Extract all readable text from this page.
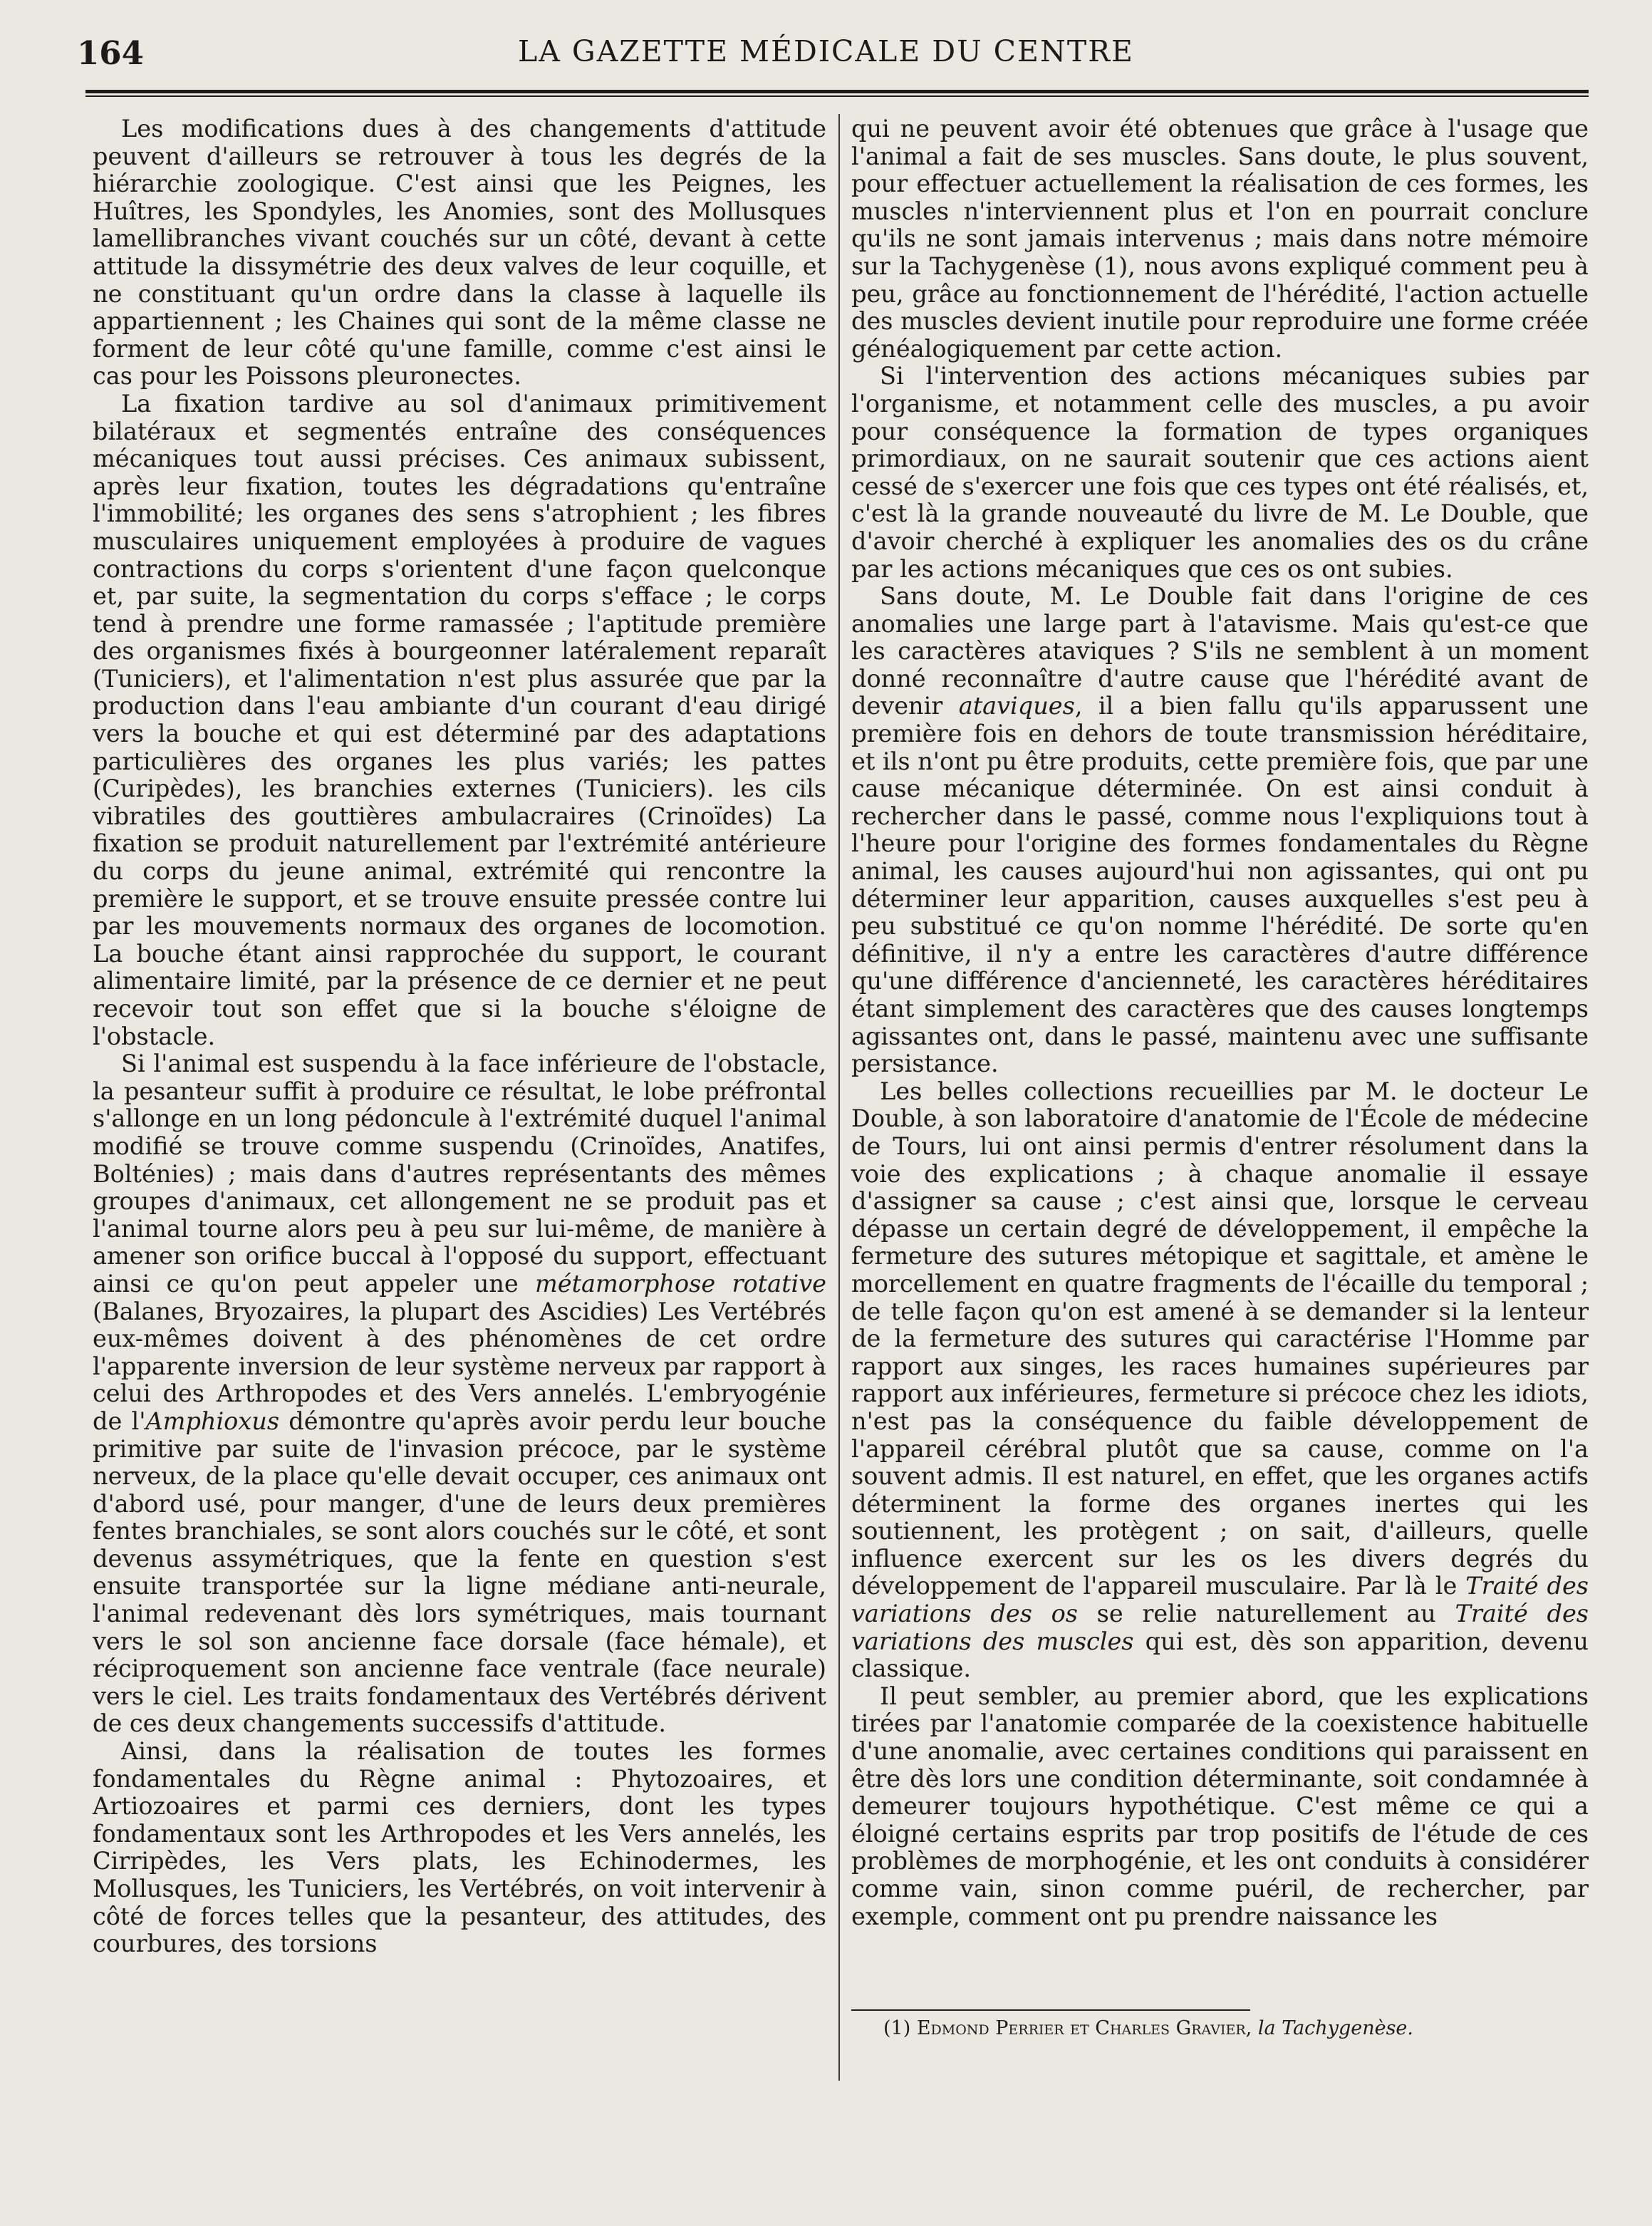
164	LA GAZETTE MÉDICALE DU CENTRE

Les modifications dues à des changements d'attitude peuvent d'ailleurs se retrouver à tous les degrés de la hiérarchie zoologique. C'est ainsi que les Peignes, les Huîtres, les Spondyles, les Anomies, sont des Mollusques lamellibranches vivant couchés sur un côté, devant à cette attitude la dissymétrie des deux valves de leur coquille, et ne constituant qu'un ordre dans la classe à laquelle ils appartiennent ; les Chaines qui sont de la même classe ne forment de leur côté qu'une famille, comme c'est ainsi le cas pour les Poissons pleuronectes.

La fixation tardive au sol d'animaux primitivement bilatéraux et segmentés entraîne des conséquences mécaniques tout aussi précises. Ces animaux subissent, après leur fixation, toutes les dégradations qu'entraîne l'immobilité; les organes des sens s'atrophient ; les fibres musculaires uniquement employées à produire de vagues contractions du corps s'orientent d'une façon quelconque et, par suite, la segmentation du corps s'efface ; le corps tend à prendre une forme ramassée ; l'aptitude première des organismes fixés à bourgeonner latéralement reparaît (Tuniciers), et l'alimentation n'est plus assurée que par la production dans l'eau ambiante d'un courant d'eau dirigé vers la bouche et qui est déterminé par des adaptations particulières des organes les plus variés; les pattes (Curipèdes), les branchies externes (Tuniciers). les cils vibratiles des gouttières ambulacraires (Crinoïdes) La fixation se produit naturellement par l'extrémité antérieure du corps du jeune animal, extrémité qui rencontre la première le support, et se trouve ensuite pressée contre lui par les mouvements normaux des organes de locomotion. La bouche étant ainsi rapprochée du support, le courant alimentaire limité, par la présence de ce dernier et ne peut recevoir tout son effet que si la bouche s'éloigne de l'obstacle.

Si l'animal est suspendu à la face inférieure de l'obstacle, la pesanteur suffit à produire ce résultat, le lobe préfrontal s'allonge en un long pédoncule à l'extrémité duquel l'animal modifié se trouve comme suspendu (Crinoïdes, Anatifes, Bolténies) ; mais dans d'autres représentants des mêmes groupes d'animaux, cet allongement ne se produit pas et l'animal tourne alors peu à peu sur lui-même, de manière à amener son orifice buccal à l'opposé du support, effectuant ainsi ce qu'on peut appeler une métamorphose rotative (Balanes, Bryozaires, la plupart des Ascidies) Les Vertébrés eux-mêmes doivent à des phénomènes de cet ordre l'apparente inversion de leur système nerveux par rapport à celui des Arthropodes et des Vers annelés. L'embryogénie de l'Amphioxus démontre qu'après avoir perdu leur bouche primitive par suite de l'invasion précoce, par le système nerveux, de la place qu'elle devait occuper, ces animaux ont d'abord usé, pour manger, d'une de leurs deux premières fentes branchiales, se sont alors couchés sur le côté, et sont devenus assymétriques, que la fente en question s'est ensuite transportée sur la ligne médiane anti-neurale, l'animal redevenant dès lors symétriques, mais tournant vers le sol son ancienne face dorsale (face hémale), et réciproquement son ancienne face ventrale (face neurale) vers le ciel. Les traits fondamentaux des Vertébrés dérivent de ces deux changements successifs d'attitude.

Ainsi, dans la réalisation de toutes les formes fondamentales du Règne animal : Phytozoaires, et Artiozoaires et parmi ces derniers, dont les types fondamentaux sont les Arthropodes et les Vers annelés, les Cirripèdes, les Vers plats, les Echinodermes, les Mollusques, les Tuniciers, les Vertébrés, on voit intervenir à côté de forces telles que la pesanteur, des attitudes, des courbures, des torsions

qui ne peuvent avoir été obtenues que grâce à l'usage que l'animal a fait de ses muscles. Sans doute, le plus souvent, pour effectuer actuellement la réalisation de ces formes, les muscles n'interviennent plus et l'on en pourrait conclure qu'ils ne sont jamais intervenus ; mais dans notre mémoire sur la Tachygenèse (1), nous avons expliqué comment peu à peu, grâce au fonctionnement de l'hérédité, l'action actuelle des muscles devient inutile pour reproduire une forme créée généalogiquement par cette action.

Si l'intervention des actions mécaniques subies par l'organisme, et notamment celle des muscles, a pu avoir pour conséquence la formation de types organiques primordiaux, on ne saurait soutenir que ces actions aient cessé de s'exercer une fois que ces types ont été réalisés, et, c'est là la grande nouveauté du livre de M. Le Double, que d'avoir cherché à expliquer les anomalies des os du crâne par les actions mécaniques que ces os ont subies.

Sans doute, M. Le Double fait dans l'origine de ces anomalies une large part à l'atavisme. Mais qu'est-ce que les caractères ataviques ? S'ils ne semblent à un moment donné reconnaître d'autre cause que l'hérédité avant de devenir ataviques, il a bien fallu qu'ils apparussent une première fois en dehors de toute transmission héréditaire, et ils n'ont pu être produits, cette première fois, que par une cause mécanique déterminée. On est ainsi conduit à rechercher dans le passé, comme nous l'expliquions tout à l'heure pour l'origine des formes fondamentales du Règne animal, les causes aujourd'hui non agissantes, qui ont pu déterminer leur apparition, causes auxquelles s'est peu à peu substitué ce qu'on nomme l'hérédité. De sorte qu'en définitive, il n'y a entre les caractères d'autre différence qu'une différence d'ancienneté, les caractères héréditaires étant simplement des caractères que des causes longtemps agissantes ont, dans le passé, maintenu avec une suffisante persistance.

Les belles collections recueillies par M. le docteur Le Double, à son laboratoire d'anatomie de l'École de médecine de Tours, lui ont ainsi permis d'entrer résolument dans la voie des explications ; à chaque anomalie il essaye d'assigner sa cause ; c'est ainsi que, lorsque le cerveau dépasse un certain degré de développement, il empêche la fermeture des sutures métopique et sagittale, et amène le morcellement en quatre fragments de l'écaille du temporal ; de telle façon qu'on est amené à se demander si la lenteur de la fermeture des sutures qui caractérise l'Homme par rapport aux singes, les races humaines supérieures par rapport aux inférieures, fermeture si précoce chez les idiots, n'est pas la conséquence du faible développement de l'appareil cérébral plutôt que sa cause, comme on l'a souvent admis. Il est naturel, en effet, que les organes actifs déterminent la forme des organes inertes qui les soutiennent, les protègent ; on sait, d'ailleurs, quelle influence exercent sur les os les divers degrés du développement de l'appareil musculaire. Par là le Traité des variations des os se relie naturellement au Traité des variations des muscles qui est, dès son apparition, devenu classique.

Il peut sembler, au premier abord, que les explications tirées par l'anatomie comparée de la coexistence habituelle d'une anomalie, avec certaines conditions qui paraissent en être dès lors une condition déterminante, soit condamnée à demeurer toujours hypothétique. C'est même ce qui a éloigné certains esprits par trop positifs de l'étude de ces problèmes de morphogénie, et les ont conduits à considérer comme vain, sinon comme puéril, de rechercher, par exemple, comment ont pu prendre naissance les

(1) Edmond Perrier et Charles Gravier, la Tachygenèse.
